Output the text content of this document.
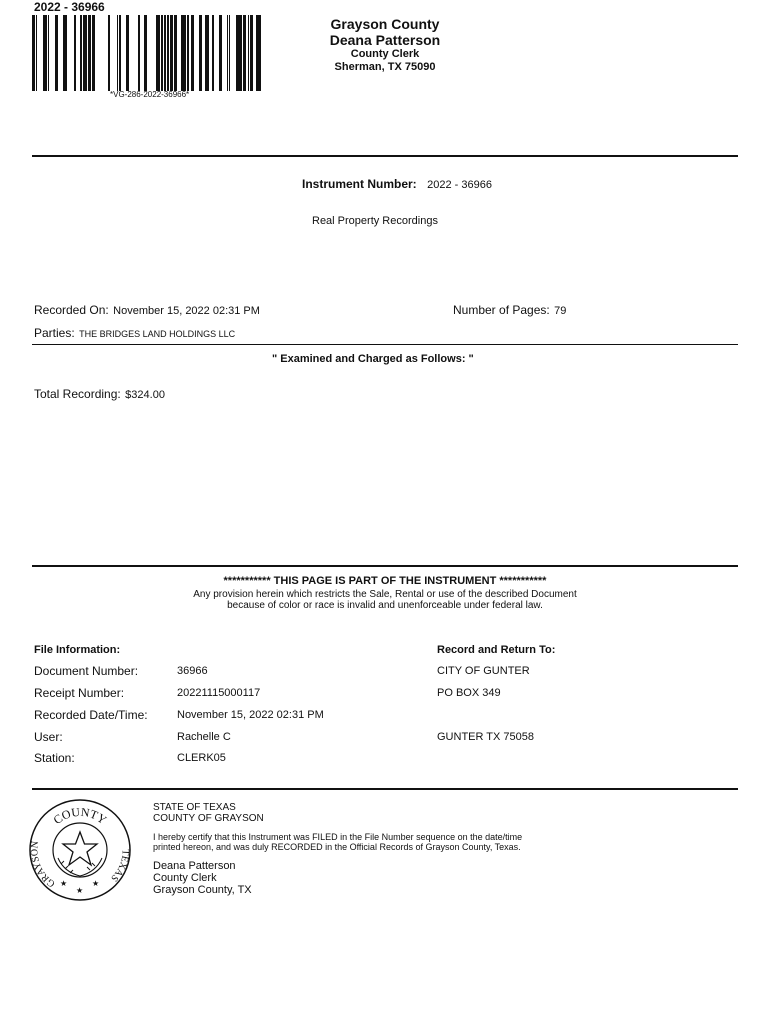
2022 - 36966
*VG-286-2022-36966*
Grayson County
Deana Patterson
County Clerk
Sherman, TX 75090
Instrument Number: 2022 - 36966
Real Property Recordings
Recorded On: November 15, 2022 02:31 PM	Number of Pages: 79
Parties: THE BRIDGES LAND HOLDINGS LLC
" Examined and Charged as Follows: "
Total Recording: $324.00
*********** THIS PAGE IS PART OF THE INSTRUMENT ***********
Any provision herein which restricts the Sale, Rental or use of the described Document
because of color or race is invalid and unenforceable under federal law.
File Information:
Document Number:	36966
Receipt Number:	20221115000117
Recorded Date/Time:	November 15, 2022 02:31 PM
User:	Rachelle C
Station:	CLERK05
Record and Return To:
CITY OF GUNTER
PO BOX 349
GUNTER TX 75058
COUNTY
GRAYSON
TEXAS
★
★
★
STATE OF TEXAS
COUNTY OF GRAYSON
I hereby certify that this Instrument was FILED in the File Number sequence on the date/time
printed hereon, and was duly RECORDED in the Official Records of Grayson County, Texas.
Deana Patterson
County Clerk
Grayson County, TX
